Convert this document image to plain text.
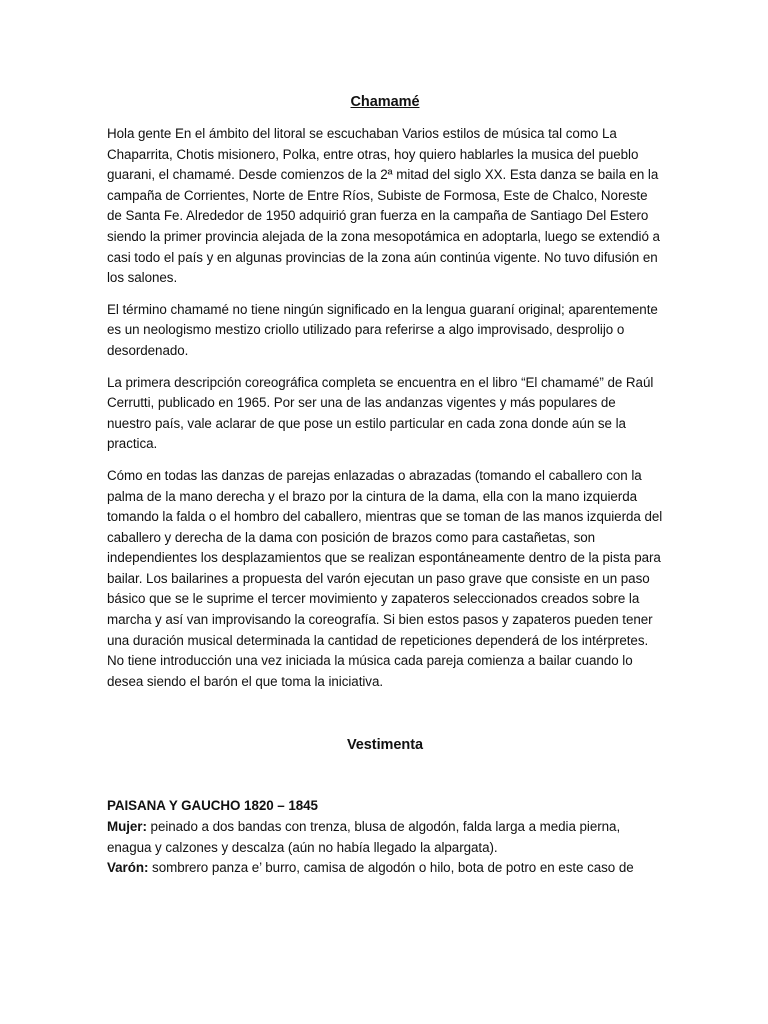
Chamamé

Hola gente En el ámbito del litoral se escuchaban Varios estilos de música tal como La Chaparrita, Chotis misionero, Polka, entre otras, hoy quiero hablarles la musica del pueblo guarani, el chamamé. Desde comienzos de la 2ª mitad del siglo XX. Esta danza se baila en la campaña de Corrientes, Norte de Entre Ríos, Subiste de Formosa, Este de Chalco, Noreste de Santa Fe. Alrededor de 1950 adquirió gran fuerza en la campaña de Santiago Del Estero siendo la primer provincia alejada de la zona mesopotámica en adoptarla, luego se extendió a casi todo el país y en algunas provincias de la zona aún continúa vigente. No tuvo difusión en los salones.

El término chamamé no tiene ningún significado en la lengua guaraní original; aparentemente es un neologismo mestizo criollo utilizado para referirse a algo improvisado, desprolijo o desordenado.

La primera descripción coreográfica completa se encuentra en el libro “El chamamé” de Raúl Cerrutti, publicado en 1965. Por ser una de las andanzas vigentes y más populares de nuestro país, vale aclarar de que pose un estilo particular en cada zona donde aún se la practica.

Cómo en todas las danzas de parejas enlazadas o abrazadas (tomando el caballero con la palma de la mano derecha y el brazo por la cintura de la dama, ella con la mano izquierda tomando la falda o el hombro del caballero, mientras que se toman de las manos izquierda del caballero y derecha de la dama con posición de brazos como para castañetas, son independientes los desplazamientos que se realizan espontáneamente dentro de la pista para bailar. Los bailarines a propuesta del varón ejecutan un paso grave que consiste en un paso básico que se le suprime el tercer movimiento y zapateros seleccionados creados sobre la marcha y así van improvisando la coreografía. Si bien estos pasos y zapateros pueden tener una duración musical determinada la cantidad de repeticiones dependerá de los intérpretes. No tiene introducción una vez iniciada la música cada pareja comienza a bailar cuando lo desea siendo el barón el que toma la iniciativa.

Vestimenta
PAISANA Y GAUCHO 1820 – 1845
Mujer: peinado a dos bandas con trenza, blusa de algodón, falda larga a media pierna, enagua y calzones y descalza (aún no había llegado la alpargata).
Varón: sombrero panza e’ burro, camisa de algodón o hilo, bota de potro en este caso de
